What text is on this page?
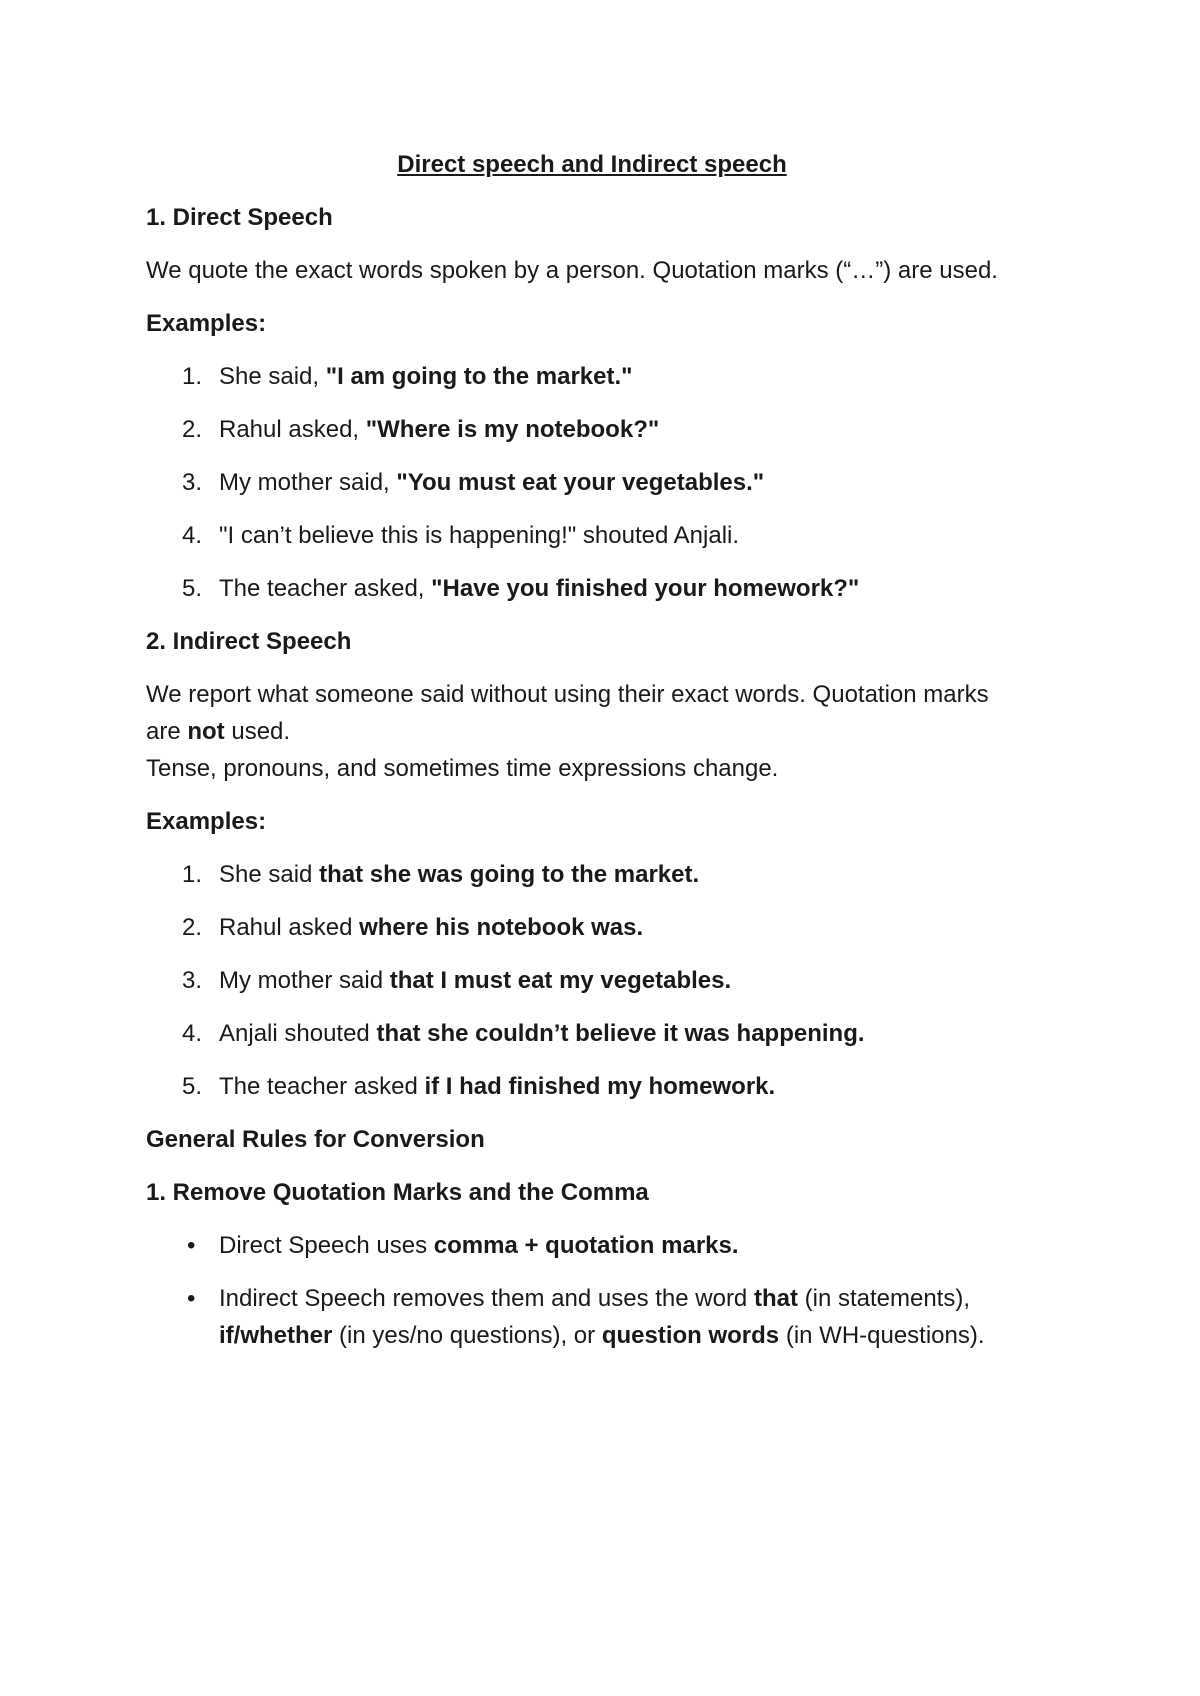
Direct speech and Indirect speech

1. Direct Speech

We quote the exact words spoken by a person. Quotation marks (“…”) are used.

Examples:

1. She said, "I am going to the market."
2. Rahul asked, "Where is my notebook?"
3. My mother said, "You must eat your vegetables."
4. "I can’t believe this is happening!" shouted Anjali.
5. The teacher asked, "Have you finished your homework?"

2. Indirect Speech

We report what someone said without using their exact words. Quotation marks are not used.
Tense, pronouns, and sometimes time expressions change.

Examples:

1. She said that she was going to the market.
2. Rahul asked where his notebook was.
3. My mother said that I must eat my vegetables.
4. Anjali shouted that she couldn’t believe it was happening.
5. The teacher asked if I had finished my homework.

General Rules for Conversion

1. Remove Quotation Marks and the Comma

• Direct Speech uses comma + quotation marks.
• Indirect Speech removes them and uses the word that (in statements), if/whether (in yes/no questions), or question words (in WH-questions).
